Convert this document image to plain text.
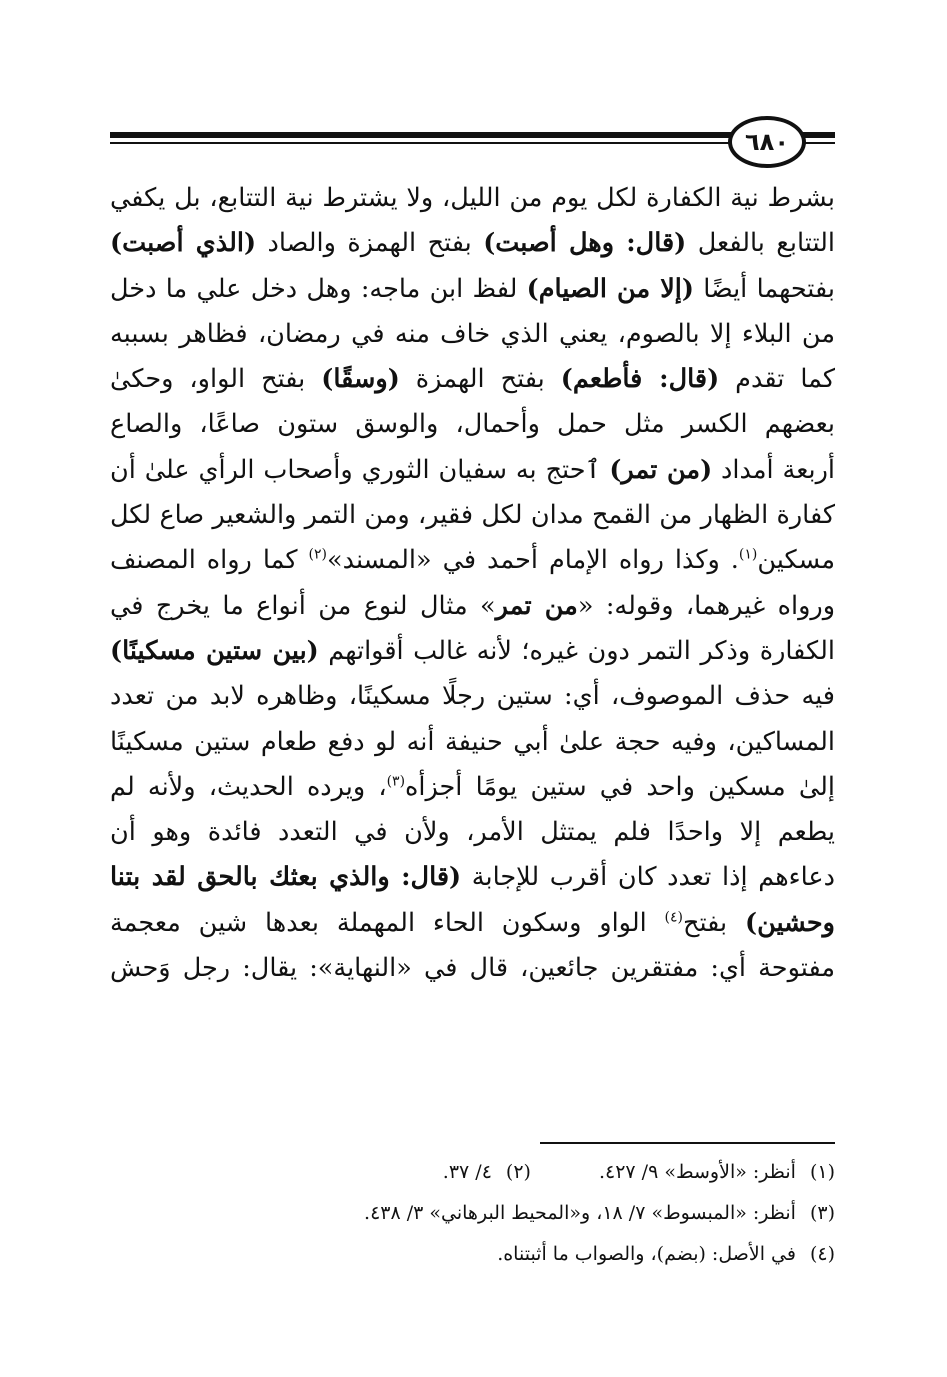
٦٨٠
بشرط نية الكفارة لكل يوم من الليل، ولا يشترط نية التتابع، بل يكفي
التتابع بالفعل (قال: وهل أصبت) بفتح الهمزة والصاد (الذي أصبت)
بفتحهما أيضًا (إلا من الصيام) لفظ ابن ماجه: وهل دخل علي ما دخل
من البلاء إلا بالصوم، يعني الذي خاف منه في رمضان، فظاهر بسببه
كما تقدم (قال: فأطعم) بفتح الهمزة (وسقًا) بفتح الواو، وحكىٰ
بعضهم الكسر مثل حمل وأحمال، والوسق ستون صاعًا، والصاع
أربعة أمداد (من تمر) ٱحتج به سفيان الثوري وأصحاب الرأي علىٰ أن
كفارة الظهار من القمح مدان لكل فقير، ومن التمر والشعير صاع لكل
مسكين$^{(١)}$. وكذا رواه الإمام أحمد في «المسند»$^{(٢)}$ كما رواه المصنف
ورواه غيرهما، وقوله: «من تمر» مثال لنوع من أنواع ما يخرج في
الكفارة وذكر التمر دون غيره؛ لأنه غالب أقواتهم (بين ستين مسكينًا)
فيه حذف الموصوف، أي: ستين رجلًا مسكينًا، وظاهره لابد من تعدد
المساكين، وفيه حجة علىٰ أبي حنيفة أنه لو دفع طعام ستين مسكينًا
إلىٰ مسكين واحد في ستين يومًا أجزأه$^{(٣)}$، ويرده الحديث، ولأنه لم
يطعم إلا واحدًا فلم يمتثل الأمر، ولأن في التعدد فائدة وهو أن
دعاءهم إذا تعدد كان أقرب للإجابة (قال: والذي بعثك بالحق لقد بتنا
وحشين) بفتح$^{(٤)}$ الواو وسكون الحاء المهملة بعدها شين معجمة
مفتوحة أي: مفتقرين جائعين، قال في «النهاية»: يقال: رجل وَحش
(١)أنظر: «الأوسط» ٩/ ٤٢٧.(٢)٤/ ٣٧.
(٣)أنظر: «المبسوط» ٧/ ١٨، و«المحيط البرهاني» ٣/ ٤٣٨.
(٤)في الأصل: (بضم)، والصواب ما أثبتناه.
